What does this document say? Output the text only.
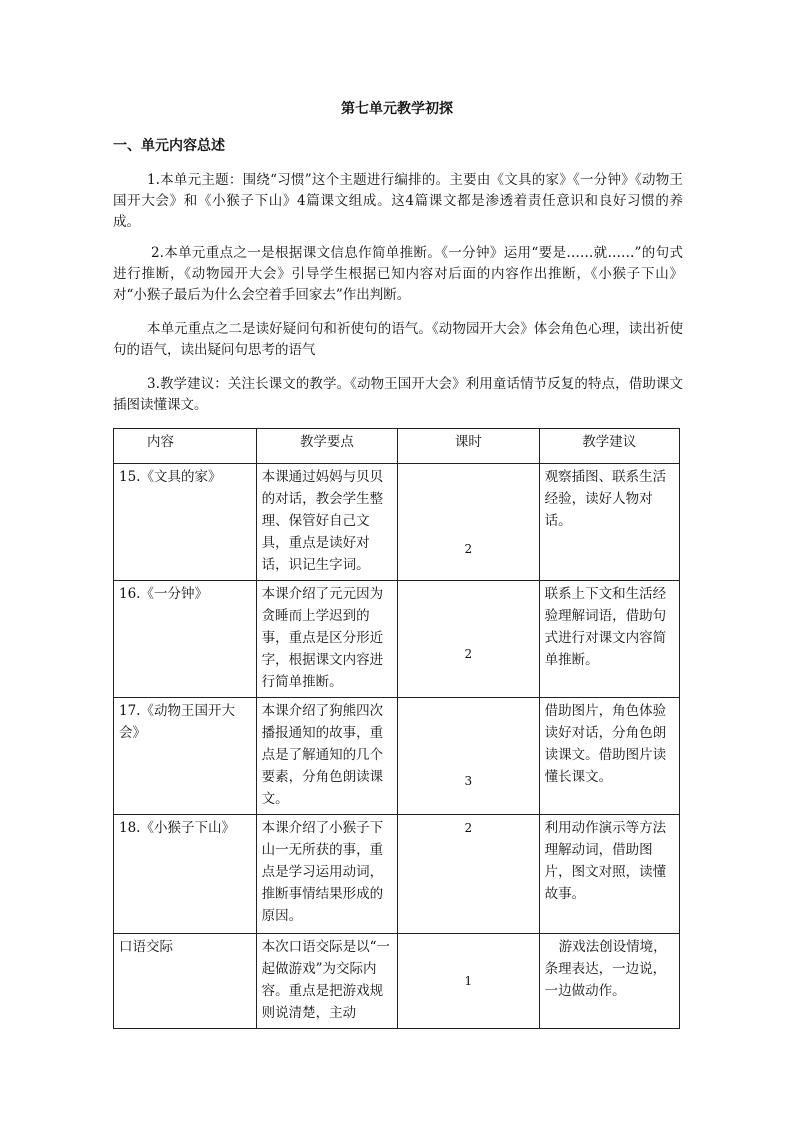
第七单元教学初探
一、单元内容总述

1.本单元主题：围绕“习惯”这个主题进行编排的。主要由《文具的家》《一分钟》《动物王国开大会》和《小猴子下山》4篇课文组成。这4篇课文都是渗透着责任意识和良好习惯的养成。

2.本单元重点之一是根据课文信息作简单推断。《一分钟》运用“要是……就……”的句式进行推断，《动物园开大会》引导学生根据已知内容对后面的内容作出推断，《小猴子下山》对“小猴子最后为什么会空着手回家去”作出判断。

本单元重点之二是读好疑问句和祈使句的语气。《动物园开大会》体会角色心理，读出祈使句的语气，读出疑问句思考的语气

3.教学建议：关注长课文的教学。《动物王国开大会》利用童话情节反复的特点，借助课文插图读懂课文。

内容	教学要点	课时	教学建议
15.《文具的家》	本课通过妈妈与贝贝的对话，教会学生整理、保管好自己文具，重点是读好对话，识记生字词。	2	观察插图、联系生活经验，读好人物对话。
16.《一分钟》	本课介绍了元元因为贪睡而上学迟到的事，重点是区分形近字，根据课文内容进行简单推断。	2	联系上下文和生活经验理解词语，借助句式进行对课文内容简单推断。
17.《动物王国开大会》	本课介绍了狗熊四次播报通知的故事，重点是了解通知的几个要素，分角色朗读课文。	3	借助图片，角色体验读好对话，分角色朗读课文。借助图片读懂长课文。
18.《小猴子下山》	本课介绍了小猴子下山一无所获的事，重点是学习运用动词，推断事情结果形成的原因。	2	利用动作演示等方法理解动词，借助图片，图文对照，读懂故事。
口语交际	本次口语交际是以“一起做游戏”为交际内容。重点是把游戏规则说清楚，主动	1	游戏法创设情境，条理表达，一边说，一边做动作。
